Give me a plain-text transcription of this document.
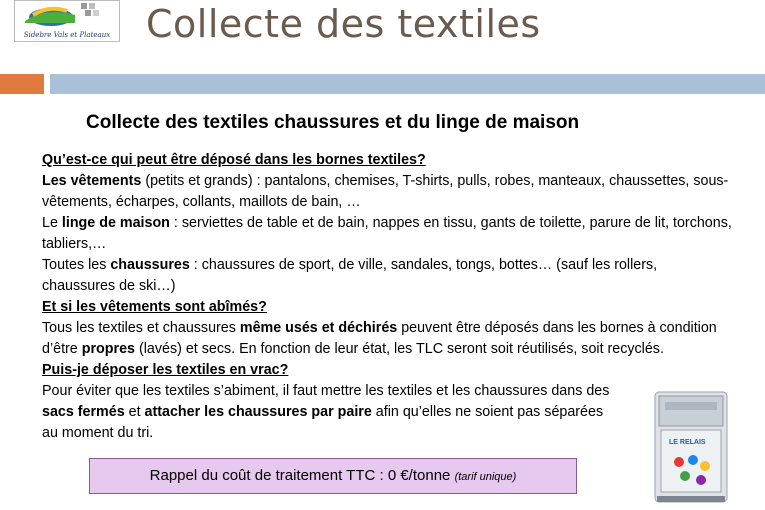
Sidebre Vals et Plateaux Collecte des textiles
Collecte des textiles chaussures et du linge de maison

Qu’est-ce qui peut être déposé dans les bornes textiles?

Les vêtements (petits et grands) : pantalons, chemises, T-shirts, pulls, robes, manteaux, chaussettes, sous-vêtements, écharpes, collants, maillots de bain, …

Le linge de maison : serviettes de table et de bain, nappes en tissu, gants de toilette, parure de lit, torchons, tabliers,…

Toutes les chaussures : chaussures de sport, de ville, sandales, tongs, bottes… (sauf les rollers, chaussures de ski…)

Et si les vêtements sont abîmés?

Tous les textiles et chaussures même usés et déchirés peuvent être déposés dans les bornes à condition d’être propres (lavés) et secs. En fonction de leur état, les TLC seront soit réutilisés, soit recyclés.

Puis-je déposer les textiles en vrac?

Pour éviter que les textiles s’abiment, il faut mettre les textiles et les chaussures dans des sacs fermés et attacher les chaussures par paire afin qu’elles ne soient pas séparées au moment du tri.

Rappel du coût de traitement TTC : 0 €/tonne (tarif unique)
LE RELAIS
